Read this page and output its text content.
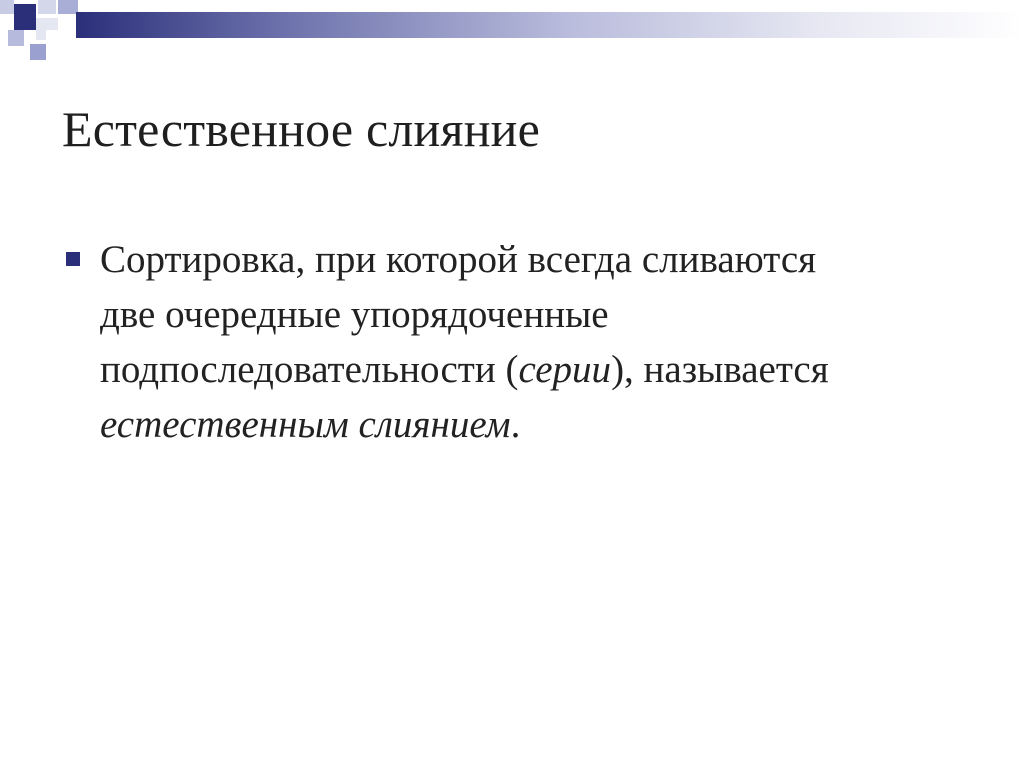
Естественное слияние

Сортировка, при которой всегда сливаются
две очередные упорядоченные
подпоследовательности (серии), называется
естественным слиянием.
